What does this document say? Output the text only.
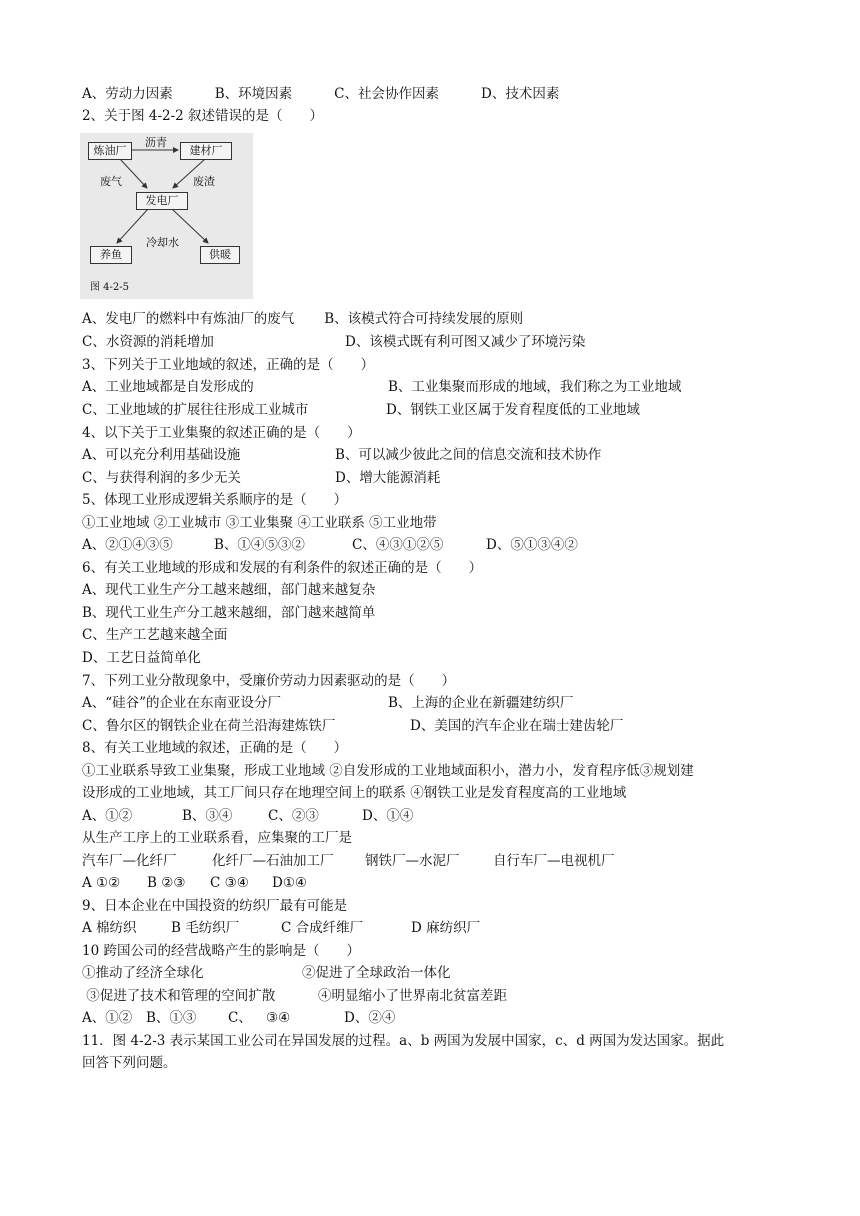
炼油厂	建材厂
发电厂
养鱼	供暖
沥青
废气	废渣
冷却水
图 4-2-5
A、劳动力因素	B、环境因素	C、社会协作因素	D、技术因素
2、关于图 4-2-2 叙述错误的是（　　）
A、发电厂的燃料中有炼油厂的废气 B、该模式符合可持续发展的原则
C、水资源的消耗增加	D、该模式既有利可图又减少了环境污染
3、下列关于工业地域的叙述，正确的是（　　）
A、工业地域都是自发形成的	B、工业集聚而形成的地域，我们称之为工业地域
C、工业地域的扩展往往形成工业城市	D、钢铁工业区属于发育程度低的工业地域
4、以下关于工业集聚的叙述正确的是（　　）
A、可以充分利用基础设施	B、可以减少彼此之间的信息交流和技术协作
C、与获得利润的多少无关	D、增大能源消耗
5、体现工业形成逻辑关系顺序的是（　　）
①工业地域 ②工业城市 ③工业集聚 ④工业联系 ⑤工业地带
A、②①④③⑤	B、①④⑤③②	C、④③①②⑤	D、⑤①③④②
6、有关工业地域的形成和发展的有利条件的叙述正确的是（　　）
A、现代工业生产分工越来越细，部门越来越复杂
B、现代工业生产分工越来越细，部门越来越简单
C、生产工艺越来越全面
D、工艺日益简单化
7、下列工业分散现象中，受廉价劳动力因素驱动的是（　　）
A、“硅谷”的企业在东南亚设分厂	B、上海的企业在新疆建纺织厂
C、鲁尔区的钢铁企业在荷兰沿海建炼铁厂	D、美国的汽车企业在瑞士建齿轮厂
8、有关工业地域的叙述，正确的是（　　）
①工业联系导致工业集聚，形成工业地域 ②自发形成的工业地域面积小，潜力小，发育程序低③规划建
设形成的工业地域，其工厂间只存在地理空间上的联系 ④钢铁工业是发育程度高的工业地域
A、①②	B、③④	C、②③	D、①④
从生产工序上的工业联系看，应集聚的工厂是
汽车厂—化纤厂	化纤厂—石油加工厂 钢铁厂—水泥厂 自行车厂—电视机厂
A ①② B ②③ C ③④ D①④
9、日本企业在中国投资的纺织厂最有可能是
A 棉纺织	B 毛纺织厂	C 合成纤维厂	D 麻纺织厂
10 跨国公司的经营战略产生的影响是（　　）
①推动了经济全球化	②促进了全球政治一体化
③促进了技术和管理的空间扩散	④明显缩小了世界南北贫富差距
A、①② B、①③ C、 ③④	D、②④
11．图 4-2-3 表示某国工业公司在异国发展的过程。a、b 两国为发展中国家，c、d 两国为发达国家。据此
回答下列问题。
